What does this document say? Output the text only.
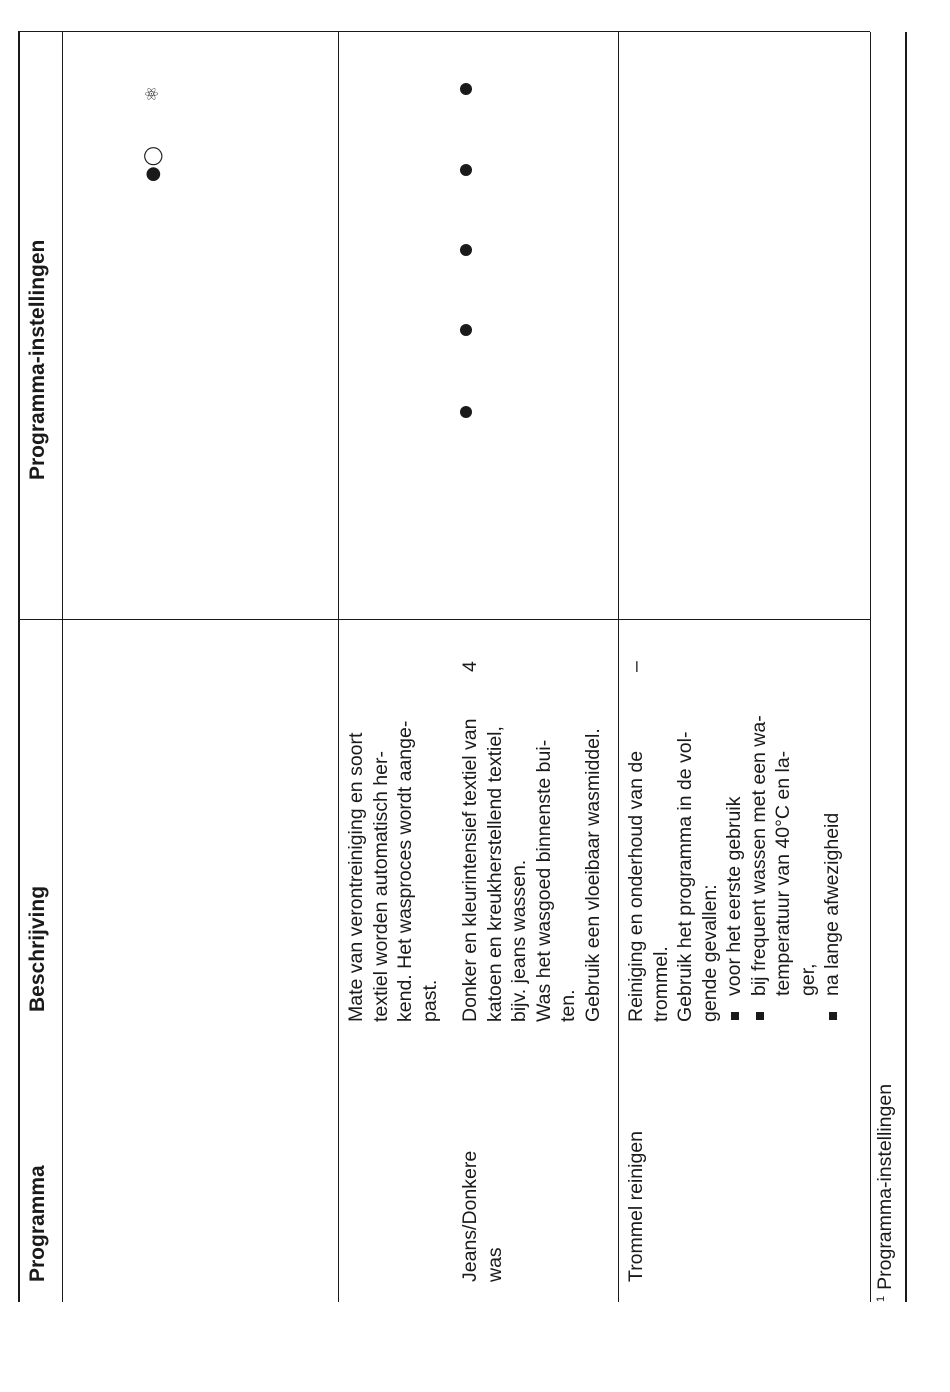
Programma
Beschrijving
Programma-instellingen
Mate van verontreiniging en soort
textiel worden automatisch her-
kend. Het wasproces wordt aange-
past.
Jeans/Donkere
was
Donker en kleurintensief textiel van
katoen en kreukherstellend textiel,
bijv. jeans wassen.
Was het wasgoed binnenste bui-
ten.
Gebruik een vloeibaar wasmiddel.
4
Trommel reinigen
Reiniging en onderhoud van de
trommel.
Gebruik het programma in de vol-
gende gevallen: voor het eerste gebruik bij frequent wassen met een wa-
temperatuur van 40°C en la-
ger, na lange afwezigheid
–
⚛
●◯
$^1$Programma-instellingen
